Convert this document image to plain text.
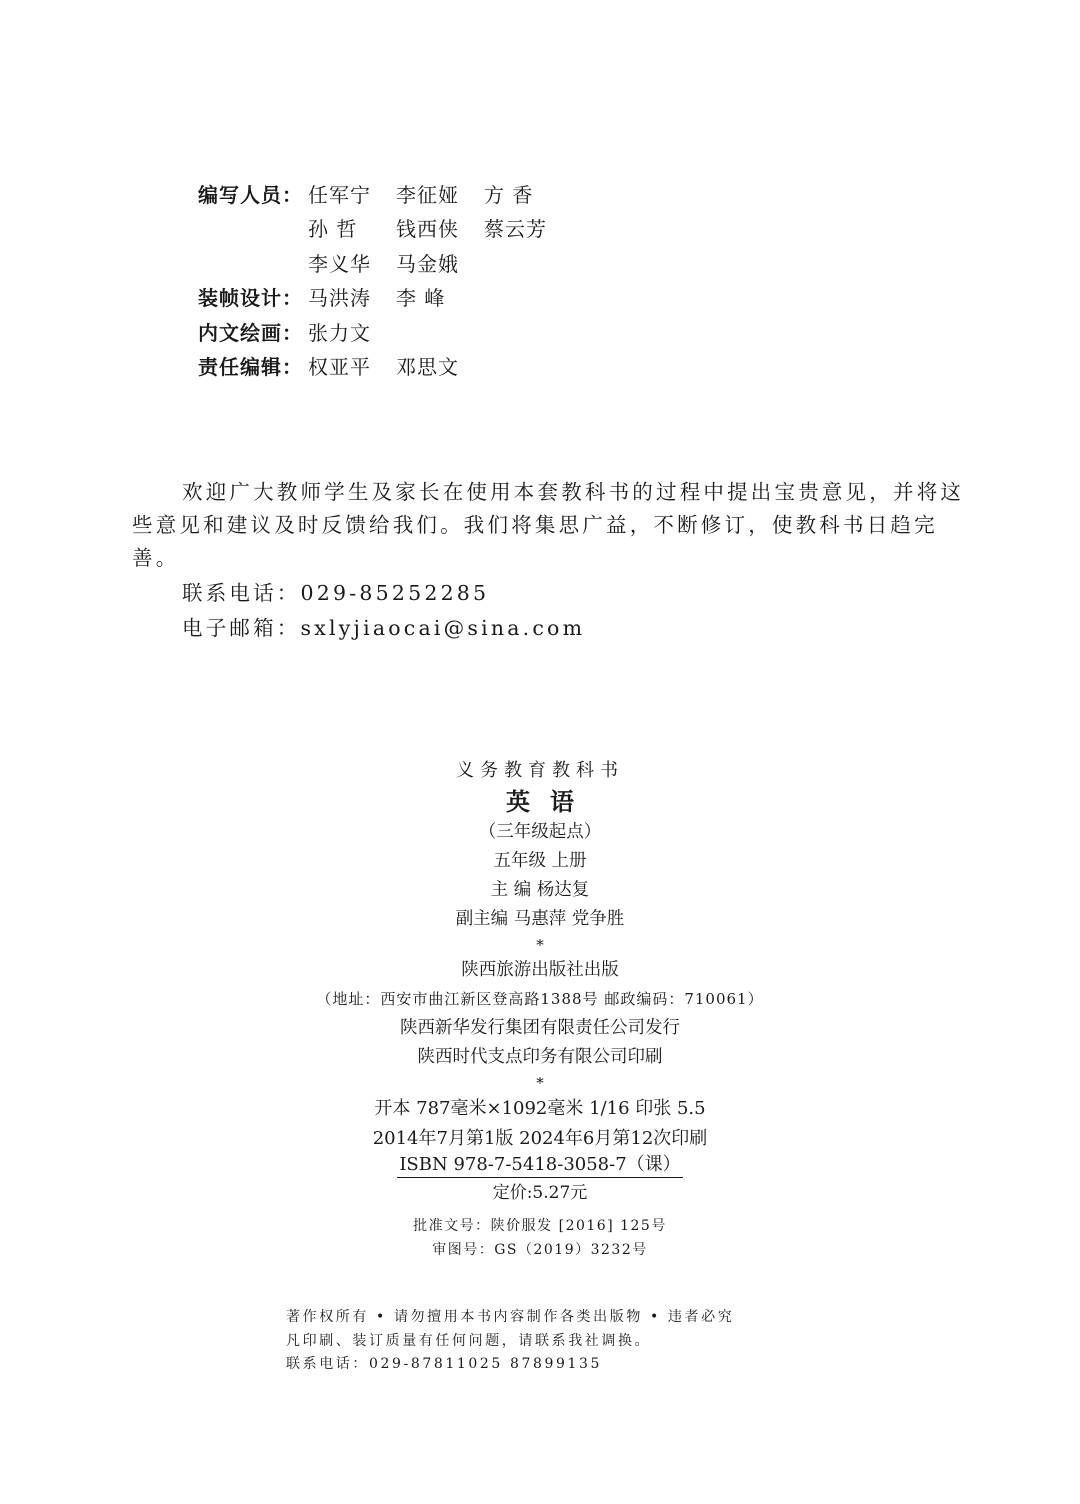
编写人员： 任军宁	李征娅	方 香
孙 哲	钱西侠	蔡云芳
李义华	马金娥
装帧设计： 马洪涛	李 峰
内文绘画： 张力文
责任编辑： 权亚平	邓思文

欢迎广大教师学生及家长在使用本套教科书的过程中提出宝贵意见，并将这些意见和建议及时反馈给我们。我们将集思广益，不断修订，使教科书日趋完善。

联系电话：029-85252285
电子邮箱：sxlyjiaocai@sina.com
义务教育教科书
英语
（三年级起点）
五年级 上册
主 编 杨达复
副主编 马惠萍 党争胜
*
陕西旅游出版社出版
（地址：西安市曲江新区登高路1388号 邮政编码：710061）
陕西新华发行集团有限责任公司发行
陕西时代支点印务有限公司印刷
*
开本 787毫米×1092毫米 1/16 印张 5.5
2014年7月第1版 2024年6月第12次印刷
ISBN 978-7-5418-3058-7（课）
定价:5.27元
批准文号：陕价服发 [2016] 125号
审图号：GS（2019）3232号
著作权所有 • 请勿擅用本书内容制作各类出版物 • 违者必究
凡印刷、装订质量有任何问题，请联系我社调换。
联系电话：029-87811025 87899135
